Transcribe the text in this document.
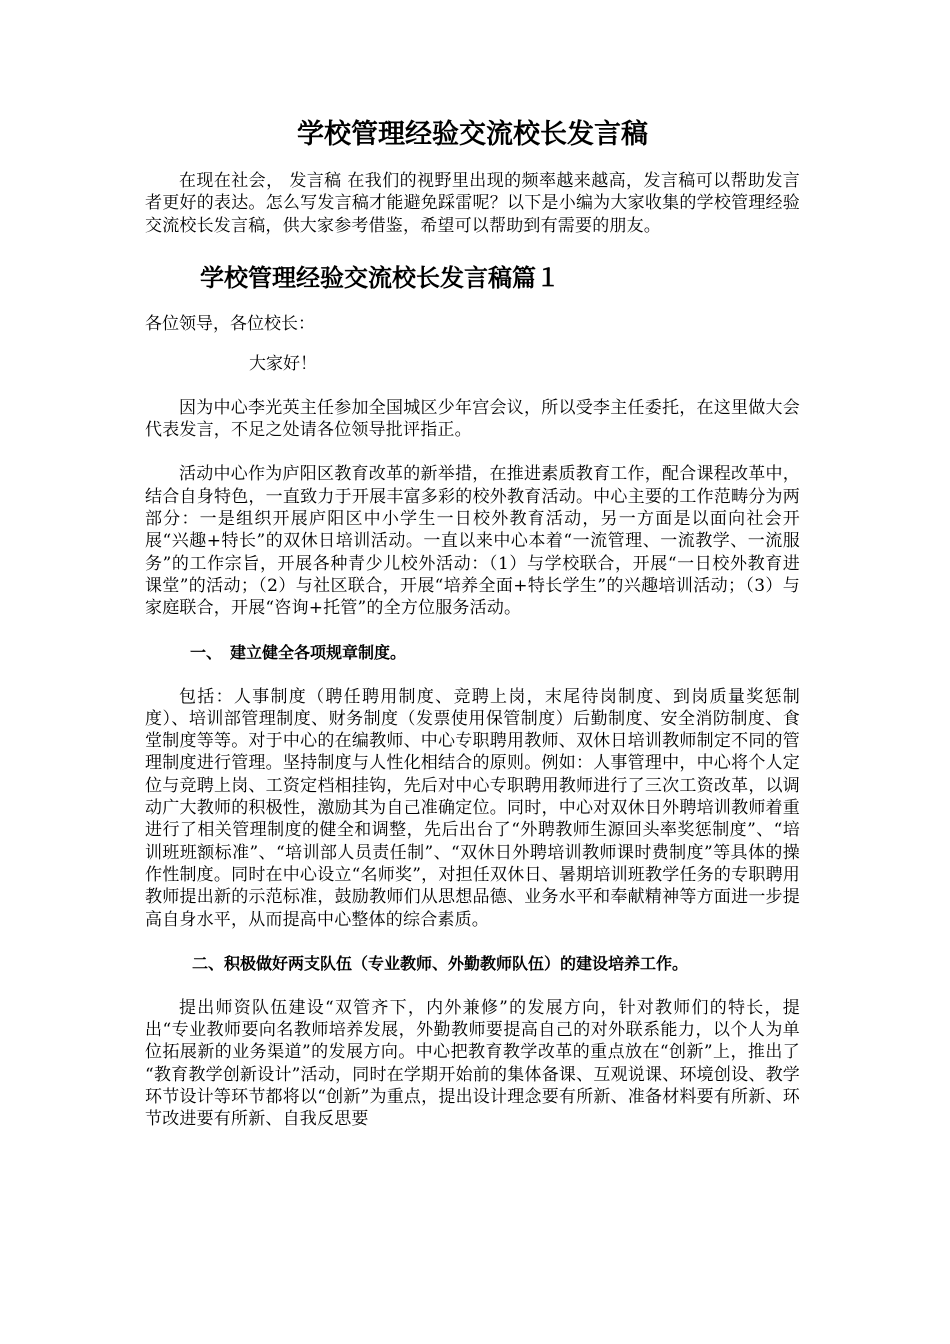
学校管理经验交流校长发言稿

在现在社会， 发言稿 在我们的视野里出现的频率越来越高，发言稿可以帮助发言者更好的表达。怎么写发言稿才能避免踩雷呢？以下是小编为大家收集的学校管理经验交流校长发言稿，供大家参考借鉴，希望可以帮助到有需要的朋友。

学校管理经验交流校长发言稿篇１

各位领导，各位校长：

大家好！

因为中心李光英主任参加全国城区少年宫会议，所以受李主任委托，在这里做大会代表发言，不足之处请各位领导批评指正。

活动中心作为庐阳区教育改革的新举措，在推进素质教育工作，配合课程改革中，结合自身特色，一直致力于开展丰富多彩的校外教育活动。中心主要的工作范畴分为两部分：一是组织开展庐阳区中小学生一日校外教育活动，另一方面是以面向社会开展“兴趣+特长”的双休日培训活动。一直以来中心本着“一流管理、一流教学、一流服务”的工作宗旨，开展各种青少儿校外活动：（1）与学校联合，开展“一日校外教育进课堂”的活动；（2）与社区联合，开展“培养全面+特长学生”的兴趣培训活动；（3）与家庭联合，开展“咨询+托管”的全方位服务活动。

一、　建立健全各项规章制度。

包括：人事制度（聘任聘用制度、竞聘上岗，末尾待岗制度、到岗质量奖惩制度）、培训部管理制度、财务制度（发票使用保管制度）后勤制度、安全消防制度、食堂制度等等。对于中心的在编教师、中心专职聘用教师、双休日培训教师制定不同的管理制度进行管理。坚持制度与人性化相结合的原则。例如：人事管理中，中心将个人定位与竞聘上岗、工资定档相挂钩，先后对中心专职聘用教师进行了三次工资改革，以调动广大教师的积极性，激励其为自己准确定位。同时，中心对双休日外聘培训教师着重进行了相关管理制度的健全和调整，先后出台了“外聘教师生源回头率奖惩制度”、“培训班班额标准”、“培训部人员责任制”、“双休日外聘培训教师课时费制度”等具体的操作性制度。同时在中心设立“名师奖”，对担任双休日、暑期培训班教学任务的专职聘用教师提出新的示范标准，鼓励教师们从思想品德、业务水平和奉献精神等方面进一步提高自身水平，从而提高中心整体的综合素质。

二、积极做好两支队伍（专业教师、外勤教师队伍）的建设培养工作。

提出师资队伍建设“双管齐下，内外兼修”的发展方向，针对教师们的特长，提出“专业教师要向名教师培养发展，外勤教师要提高自己的对外联系能力，以个人为单位拓展新的业务渠道”的发展方向。中心把教育教学改革的重点放在“创新”上，推出了 “教育教学创新设计”活动，同时在学期开始前的集体备课、互观说课、环境创设、教学环节设计等环节都将以“创新”为重点，提出设计理念要有所新、准备材料要有所新、环节改进要有所新、自我反思要
